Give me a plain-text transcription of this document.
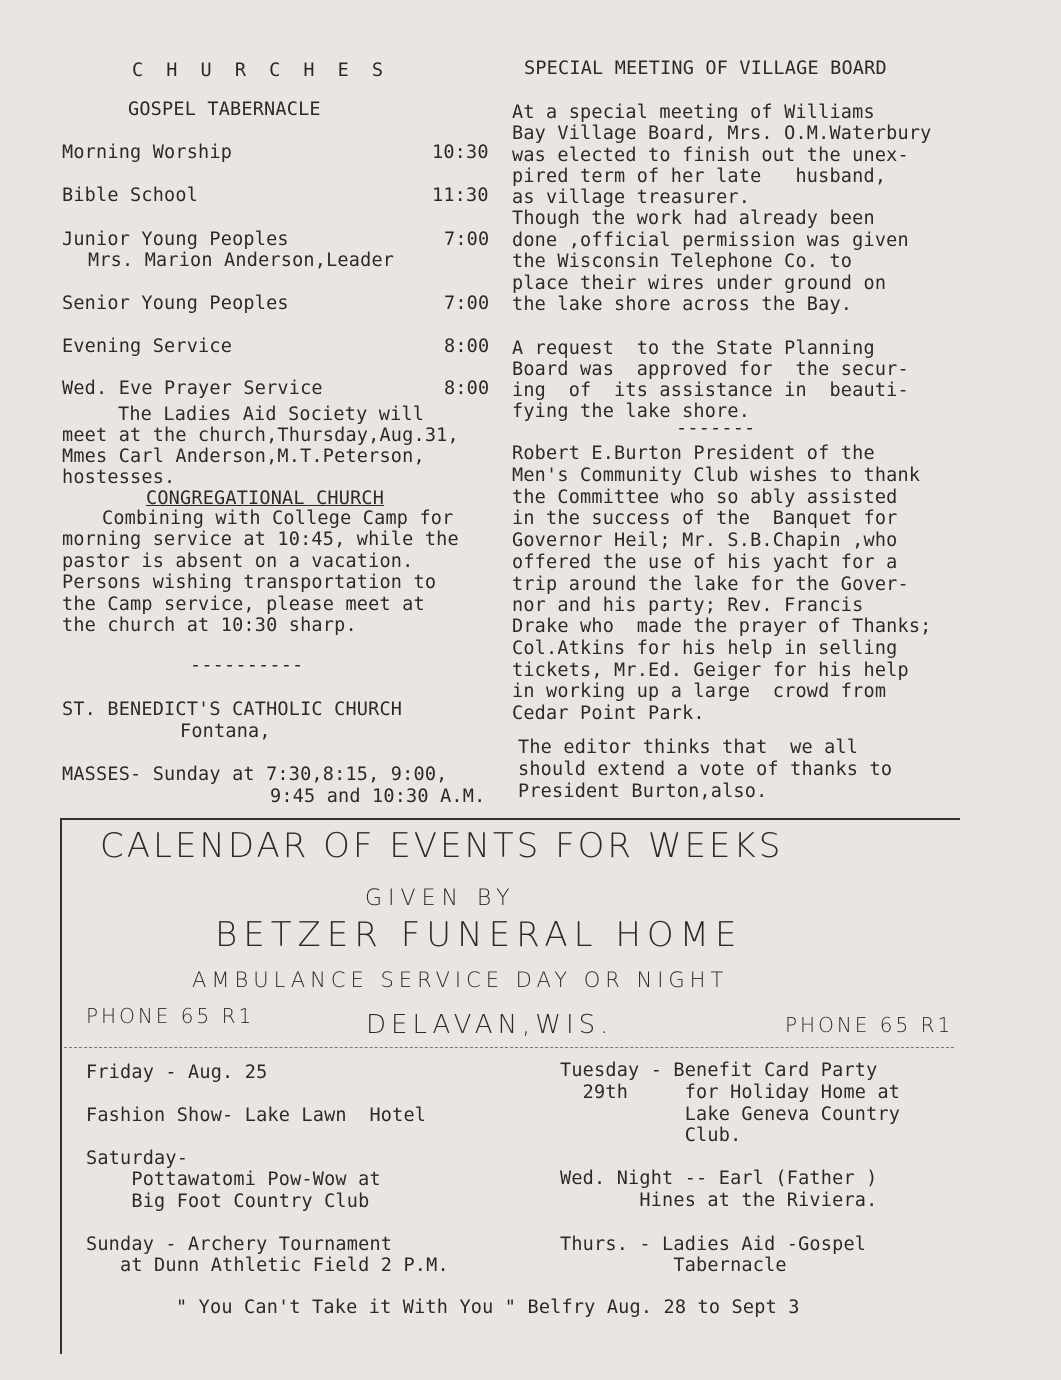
C H U R C H E S
GOSPEL TABERNACLE
Morning Worship	10:30
Bible School	11:30
Junior Young Peoples	7:00
Mrs. Marion Anderson,Leader
Senior Young Peoples	7:00
Evening Service	8:00
Wed. Eve Prayer Service	8:00
The Ladies Aid Society will
meet at the church,Thursday,Aug.31,
Mmes Carl Anderson,M.T.Peterson,
hostesses.
CONGREGATIONAL CHURCH
Combining with College Camp for
morning service at 10:45, while the
pastor is absent on a vacation.
Persons wishing transportation to
the Camp service, please meet at
the church at 10:30 sharp.
----------
ST. BENEDICT'S CATHOLIC CHURCH
Fontana,
MASSES- Sunday at 7:30,8:15, 9:00,
9:45 and 10:30 A.M.
SPECIAL MEETING OF VILLAGE BOARD
At a special meeting of Williams
Bay Village Board, Mrs. O.M.Waterbury
was elected to finish out the unex-
pired term of her late   husband,
as village treasurer.
Though the work had already been
done ,official permission was given
the Wisconsin Telephone Co. to
place their wires under ground on
the lake shore across the Bay.
A request  to the State Planning
Board was  approved for  the secur-
ing  of  its assistance in  beauti-
fying the lake shore.
-------
Robert E.Burton President of the
Men's Community Club wishes to thank
the Committee who so ably assisted
in the success of the  Banquet for
Governor Heil; Mr. S.B.Chapin ,who
offered the use of his yacht for a
trip around the lake for the Gover-
nor and his party; Rev. Francis
Drake who  made the prayer of Thanks;
Col.Atkins for his help in selling
tickets, Mr.Ed. Geiger for his help
in working up a large  crowd from
Cedar Point Park.
The editor thinks that  we all
should extend a vote of thanks to
President Burton,also.
CALENDAR OF EVENTS FOR WEEKS
GIVEN BY
BETZER FUNERAL HOME
AMBULANCE SERVICE DAY OR NIGHT
PHONE 65 R1	DELAVAN,WIS.	PHONE 65 R1
Friday - Aug. 25
Fashion Show- Lake Lawn  Hotel
Saturday-
Pottawatomi Pow-Wow at
Big Foot Country Club
Sunday - Archery Tournament
at Dunn Athletic Field 2 P.M.
Tuesday - Benefit Card Party
29th     for Holiday Home at
Lake Geneva Country
Club.
Wed. Night -- Earl (Father )
Hines at the Riviera.
Thurs. - Ladies Aid -Gospel
Tabernacle
" You Can't Take it With You " Belfry Aug. 28 to Sept 3
